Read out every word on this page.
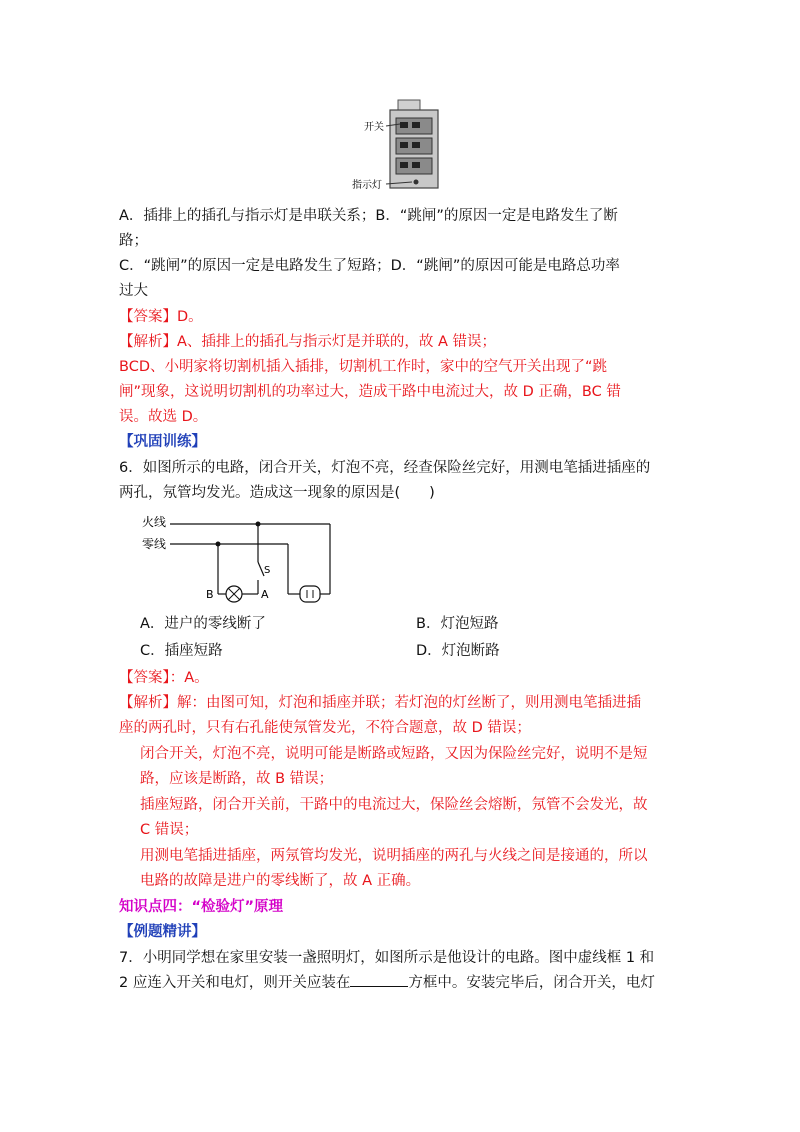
开关
指示灯
A．插排上的插孔与指示灯是串联关系；B．“跳闸”的原因一定是电路发生了断
路；
C．“跳闸”的原因一定是电路发生了短路；D．“跳闸”的原因可能是电路总功率
过大
【答案】D。
【解析】A、插排上的插孔与指示灯是并联的，故 A 错误；
BCD、小明家将切割机插入插排，切割机工作时，家中的空气开关出现了“跳
闸”现象，这说明切割机的功率过大，造成干路中电流过大，故 D 正确，BC 错
误。故选 D。
【巩固训练】
6．如图所示的电路，闭合开关，灯泡不亮，经查保险丝完好，用测电笔插进插座的
两孔，氖管均发光。造成这一现象的原因是(　　)
火线
零线
S
B	A
A．进户的零线断了	B．灯泡短路
C．插座短路	D．灯泡断路
【答案】：A。
【解析】解：由图可知，灯泡和插座并联；若灯泡的灯丝断了，则用测电笔插进插
座的两孔时，只有右孔能使氖管发光，不符合题意，故 D 错误；
闭合开关，灯泡不亮，说明可能是断路或短路，又因为保险丝完好，说明不是短
路，应该是断路，故 B 错误；
插座短路，闭合开关前，干路中的电流过大，保险丝会熔断，氖管不会发光，故
C 错误；
用测电笔插进插座，两氖管均发光，说明插座的两孔与火线之间是接通的，所以
电路的故障是进户的零线断了，故 A 正确。
知识点四：“检验灯”原理
【例题精讲】
7．小明同学想在家里安装一盏照明灯，如图所示是他设计的电路。图中虚线框 1 和
2 应连入开关和电灯，则开关应装在	方框中。安装完毕后，闭合开关，电灯
